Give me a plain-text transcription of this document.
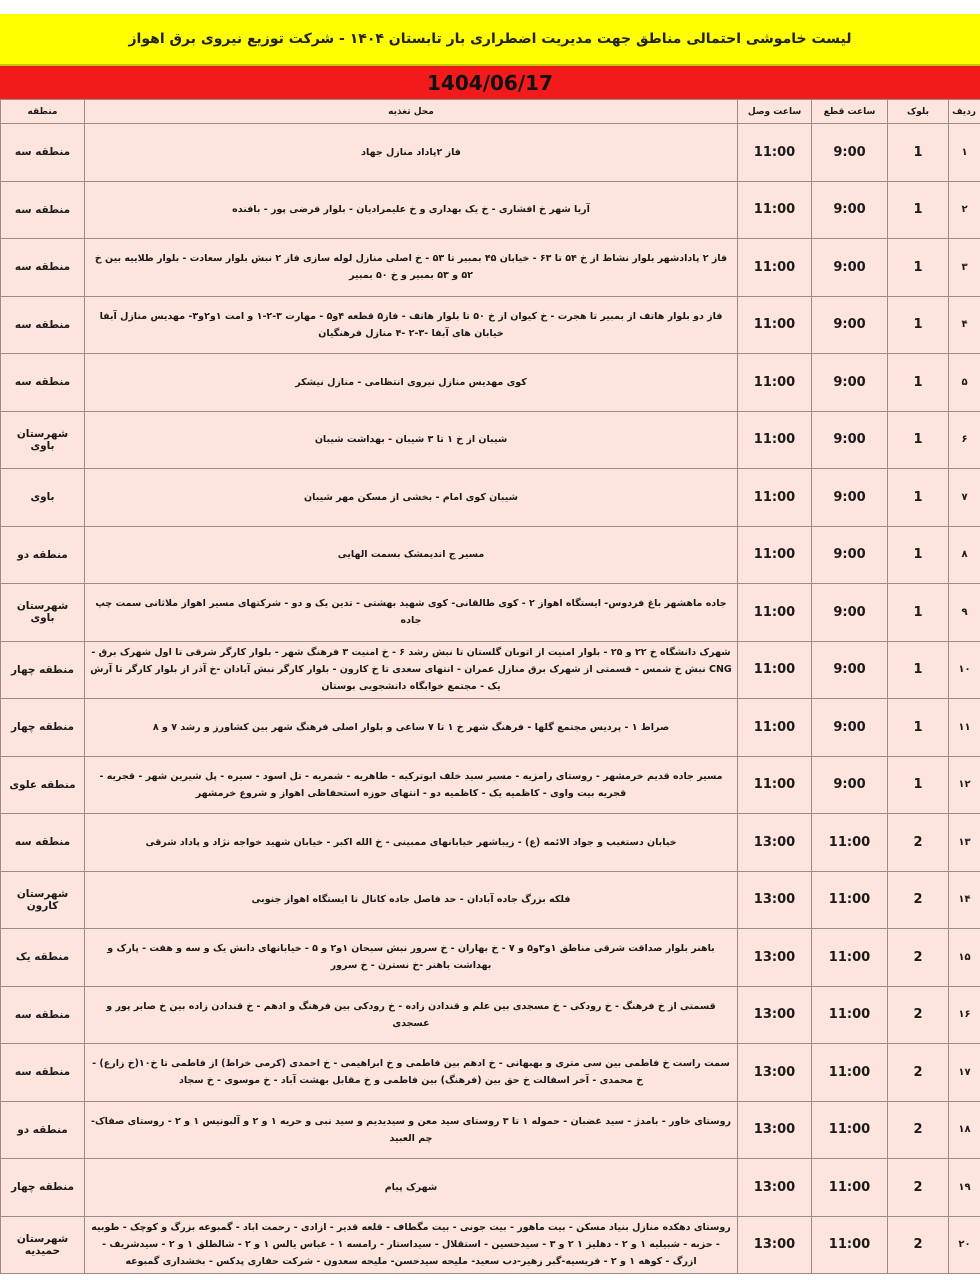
لیست خاموشی احتمالی مناطق جهت مدیریت اضطراری بار تابستان ۱۴۰۴ - شرکت توزیع نیروی برق اهواز
1404/06/17
ردیف	بلوک	ساعت قطع	ساعت وصل	محل تغذیه	منطقه
۱	1	9:00	11:00	فاز ۲پاداد منازل جهاد	منطقه سه
۲	1	9:00	11:00	آریا شهر خ افشاری - خ یک بهداری و خ علیمرادیان - بلوار فرضی پور - بافنده	منطقه سه
۳	1	9:00	11:00	فاز ۲ پادادشهر بلوار نشاط از خ ۵۴ تا ۶۳ - خیابان ۴۵ بمبیر تا ۵۳ - خ اصلی منازل لوله سازی فاز ۲ نبش بلوار سعادت - بلوار طلاییه بین خ ۵۲ و ۵۳ بمبیر و خ ۵۰ بمبیر	منطقه سه
۴	1	9:00	11:00	فاز دو بلوار هاتف از بمبیر تا هجرت - خ کیوان از خ ۵۰ تا بلوار هاتف - فاز۵ قطعه ۴و۵ - مهارت ۳-۲-۱ و امت ۱و۲و۳- مهدیس منازل آبفا خیابان های آبفا -۳-۲ -۴ منازل فرهنگیان	منطقه سه
۵	1	9:00	11:00	کوی مهدیس منازل نیروی انتظامی - منازل نیشکر	منطقه سه
۶	1	9:00	11:00	شیبان از خ ۱ تا ۳ شیبان - بهداشت شیبان	شهرستان باوی
۷	1	9:00	11:00	شیبان کوی امام - بخشی از مسکن مهر شیبان	باوی
۸	1	9:00	11:00	مسیر ج اندیمشک بسمت الهایی	منطقه دو
۹	1	9:00	11:00	جاده ماهشهر باغ فردوس- ایستگاه اهواز ۲ - کوی طالقانی- کوی شهید بهشتی - تدین یک و دو - شرکتهای مسیر اهواز ملاثانی سمت چپ جاده	شهرستان باوی
۱۰	1	9:00	11:00	شهرک دانشگاه خ ۲۲ و ۲۵ - بلوار امنیت از اتوبان گلستان تا نبش رشد ۶ - خ امنیت ۳ فرهنگ شهر - بلوار کارگر شرقی تا اول شهرک برق - CNG نبش خ شمس - قسمتی از شهرک برق منازل عمران - انتهای سعدی تا خ کارون - بلوار کارگر نبش آبادان -خ آذر از بلوار کارگر تا آرش یک - مجتمع خوابگاه دانشجویی بوستان	منطقه چهار
۱۱	1	9:00	11:00	صراط ۱ - پردیس مجتمع گلها - فرهنگ شهر خ ۱ تا ۷ ساعی و بلوار اصلی فرهنگ شهر بین کشاورز و رشد ۷ و ۸	منطقه چهار
۱۲	1	9:00	11:00	مسیر جاده قدیم خرمشهر - روستای رامزیه - مسیر سید خلف ابوترکیه - طاهریه - شمریه - تل اسود - سیره - پل شیرین شهر - قجریه - قجریه بیت واوی - کاظمیه یک - کاظمیه دو - انتهای حوزه استحفاظی اهواز و شروع خرمشهر	منطقه علوی
۱۳	2	11:00	13:00	خیابان دستغیب و جواد الائمه (ع) - زیباشهر خیابانهای ممبینی - خ الله اکبر - خیابان شهید خواجه نژاد و پاداد شرقی	منطقه سه
۱۴	2	11:00	13:00	فلکه بزرگ جاده آبادان - حد فاصل جاده کانال تا ایستگاه اهواز جنوبی	شهرستان کارون
۱۵	2	11:00	13:00	باهنر بلوار صداقت شرقی مناطق ۱و۳و۵ و ۷ - خ بهاران - خ سرور نبش سبحان ۱و۲ و ۵ - خیابانهای دانش یک و سه و هفت - پارک و بهداشت باهنر -خ نسترن - خ سرور	منطقه یک
۱۶	2	11:00	13:00	قسمتی از خ فرهنگ - خ رودکی - خ مسجدی بین علم و قندادن زاده - خ رودکی بین فرهنگ و ادهم - خ قندادن زاده بین خ صابر پور و عسجدی	منطقه سه
۱۷	2	11:00	13:00	سمت راست خ فاطمی بین سی متری و بهبهانی - خ ادهم بین فاطمی و خ ابراهیمی - خ احمدی (کرمی خراط) از فاطمی تا خ۱۰(خ زارع) - خ محمدی - آخر اسفالت خ حق بین (فرهنگ) بین فاطمی و خ مقابل بهشت آباد - خ موسوی - خ سجاد	منطقه سه
۱۸	2	11:00	13:00	روستای خاور - بامدژ - سید غضبان - حموله ۱ تا ۳ روستای سید معن و سیدیدیم و سید نبی و حریه ۱ و ۲ و آلبونیس ۱ و ۲ - روستای صفاک-چم العبید	منطقه دو
۱۹	2	11:00	13:00	شهرک پیام	منطقه چهار
۲۰	2	11:00	13:00	روستای دهکده منازل بنیاد مسکن - بیت ماهور - بیت جونی - بیت مگطاف - قلعه قدیر - ازادی - رحمت اباد - گمبوعه بزرگ و کوچک - طوبیه - حزبه - شبیلیه ۱ و ۲ - دهلیز ۱ ۲ و ۳ - سیدحسین - استقلال - سیداستار - رامسه ۱ - عباس یالس ۱ و ۲ - شالطلق ۱ و ۲ - سیدشریف - ازرگ - کوهه ۱ و ۲ - فریسیه-گبر زهیر-دب سعید- ملیحه سیدحسن- ملیحه سعدون - شرکت حفاری پدکس - بخشداری گمبوعه	شهرستان حمیدیه
